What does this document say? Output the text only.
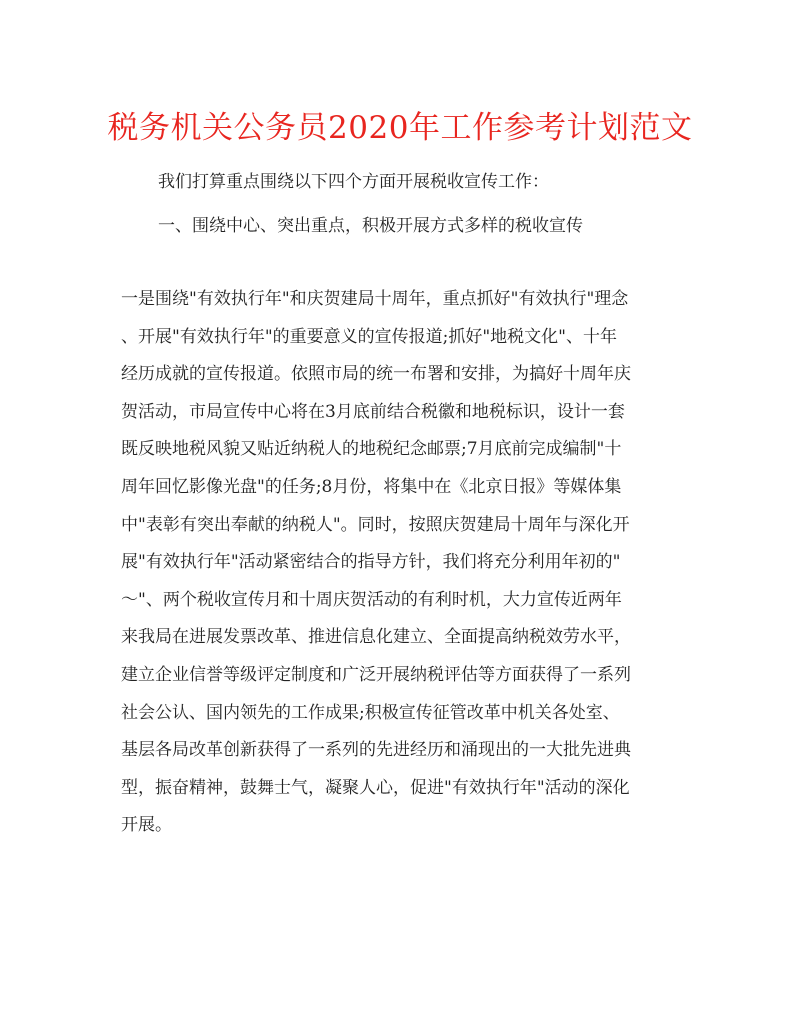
税务机关公务员2020年工作参考计划范文

我们打算重点围绕以下四个方面开展税收宣传工作：

一、围绕中心、突出重点，积极开展方式多样的税收宣传

一是围绕"有效执行年"和庆贺建局十周年，重点抓好"有效执行"理念
、开展"有效执行年"的重要意义的宣传报道;抓好"地税文化"、十年
经历成就的宣传报道。依照市局的统一布署和安排，为搞好十周年庆
贺活动，市局宣传中心将在3月底前结合税徽和地税标识，设计一套
既反映地税风貌又贴近纳税人的地税纪念邮票;7月底前完成编制"十
周年回忆影像光盘"的任务;8月份，将集中在《北京日报》等媒体集
中"表彰有突出奉献的纳税人"。同时，按照庆贺建局十周年与深化开
展"有效执行年"活动紧密结合的指导方针，我们将充分利用年初的"
～"、两个税收宣传月和十周庆贺活动的有利时机，大力宣传近两年
来我局在进展发票改革、推进信息化建立、全面提高纳税效劳水平，
建立企业信誉等级评定制度和广泛开展纳税评估等方面获得了一系列
社会公认、国内领先的工作成果;积极宣传征管改革中机关各处室、
基层各局改革创新获得了一系列的先进经历和涌现出的一大批先进典
型，振奋精神，鼓舞士气，凝聚人心，促进"有效执行年"活动的深化
开展。
